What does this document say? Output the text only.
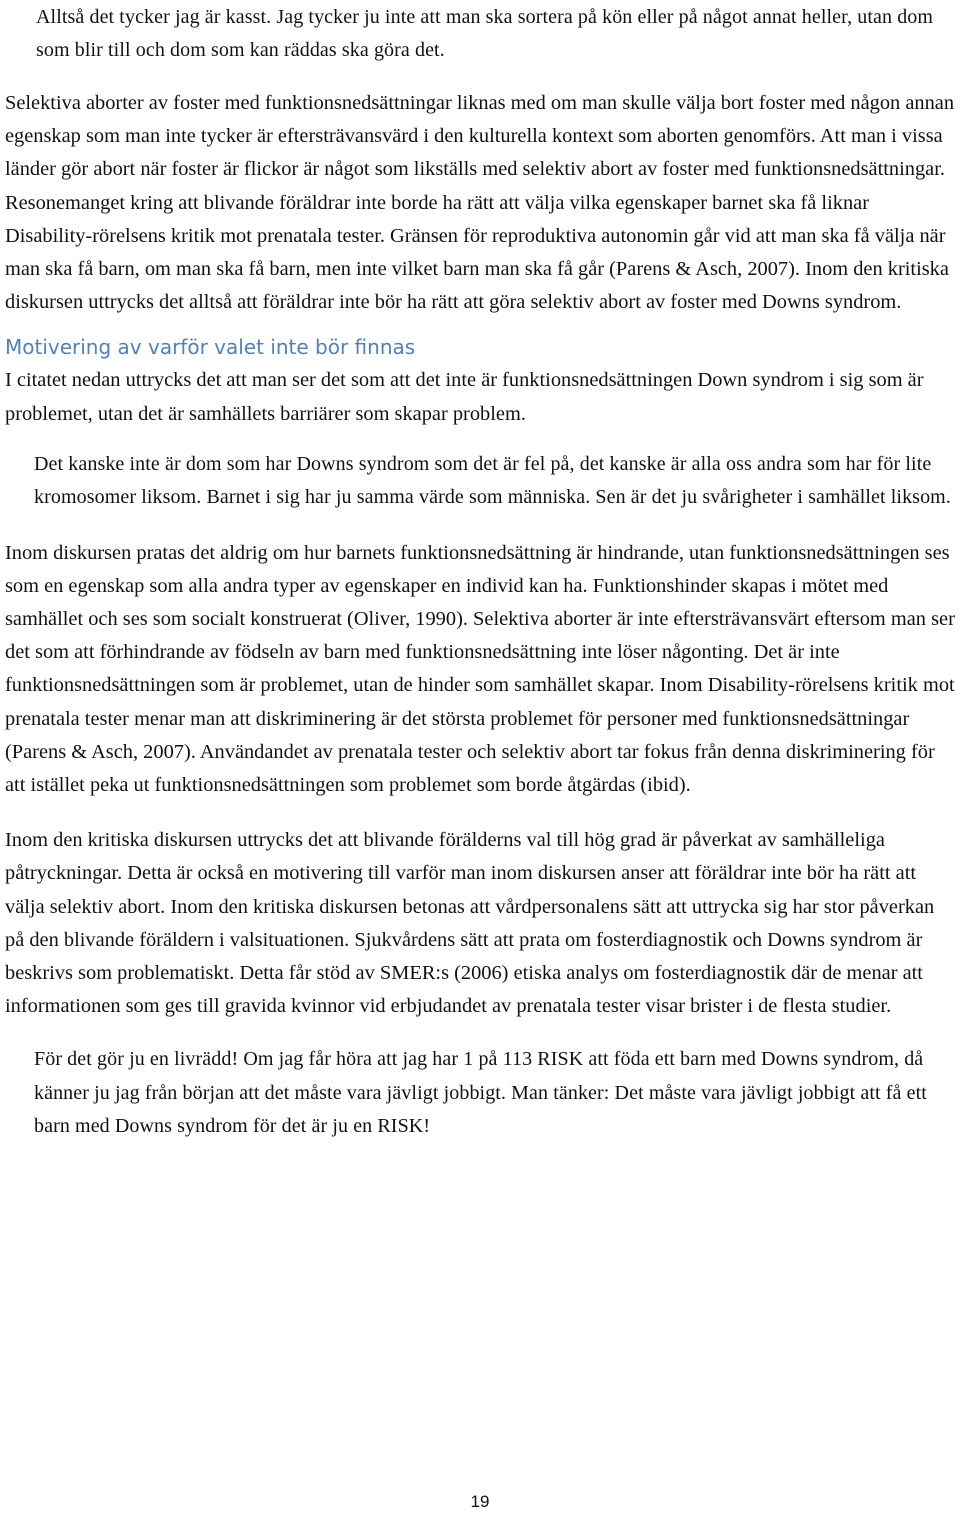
Alltså det tycker jag är kasst. Jag tycker ju inte att man ska sortera på kön eller på något annat heller, utan dom som blir till och dom som kan räddas ska göra det.

Selektiva aborter av foster med funktionsnedsättningar liknas med om man skulle välja bort foster med någon annan egenskap som man inte tycker är eftersträvansvärd i den kulturella kontext som aborten genomförs. Att man i vissa länder gör abort när foster är flickor är något som likställs med selektiv abort av foster med funktionsnedsättningar. Resonemanget kring att blivande föräldrar inte borde ha rätt att välja vilka egenskaper barnet ska få liknar Disability-rörelsens kritik mot prenatala tester. Gränsen för reproduktiva autonomin går vid att man ska få välja när man ska få barn, om man ska få barn, men inte vilket barn man ska få går (Parens & Asch, 2007). Inom den kritiska diskursen uttrycks det alltså att föräldrar inte bör ha rätt att göra selektiv abort av foster med Downs syndrom.

Motivering av varför valet inte bör finnas

I citatet nedan uttrycks det att man ser det som att det inte är funktionsnedsättningen Down syndrom i sig som är problemet, utan det är samhällets barriärer som skapar problem.

Det kanske inte är dom som har Downs syndrom som det är fel på, det kanske är alla oss andra som har för lite kromosomer liksom. Barnet i sig har ju samma värde som människa. Sen är det ju svårigheter i samhället liksom.

Inom diskursen pratas det aldrig om hur barnets funktionsnedsättning är hindrande, utan funktionsnedsättningen ses som en egenskap som alla andra typer av egenskaper en individ kan ha. Funktionshinder skapas i mötet med samhället och ses som socialt konstruerat (Oliver, 1990). Selektiva aborter är inte eftersträvansvärt eftersom man ser det som att förhindrande av födseln av barn med funktionsnedsättning inte löser någonting. Det är inte funktionsnedsättningen som är problemet, utan de hinder som samhället skapar. Inom Disability-rörelsens kritik mot prenatala tester menar man att diskriminering är det största problemet för personer med funktionsnedsättningar (Parens & Asch, 2007). Användandet av prenatala tester och selektiv abort tar fokus från denna diskriminering för att istället peka ut funktionsnedsättningen som problemet som borde åtgärdas (ibid).

Inom den kritiska diskursen uttrycks det att blivande förälderns val till hög grad är påverkat av samhälleliga påtryckningar. Detta är också en motivering till varför man inom diskursen anser att föräldrar inte bör ha rätt att välja selektiv abort. Inom den kritiska diskursen betonas att vårdpersonalens sätt att uttrycka sig har stor påverkan på den blivande föräldern i valsituationen. Sjukvårdens sätt att prata om fosterdiagnostik och Downs syndrom är beskrivs som problematiskt. Detta får stöd av SMER:s (2006) etiska analys om fosterdiagnostik där de menar att informationen som ges till gravida kvinnor vid erbjudandet av prenatala tester visar brister i de flesta studier.

För det gör ju en livrädd! Om jag får höra att jag har 1 på 113 RISK att föda ett barn med Downs syndrom, då känner ju jag från början att det måste vara jävligt jobbigt. Man tänker: Det måste vara jävligt jobbigt att få ett barn med Downs syndrom för det är ju en RISK!

19
